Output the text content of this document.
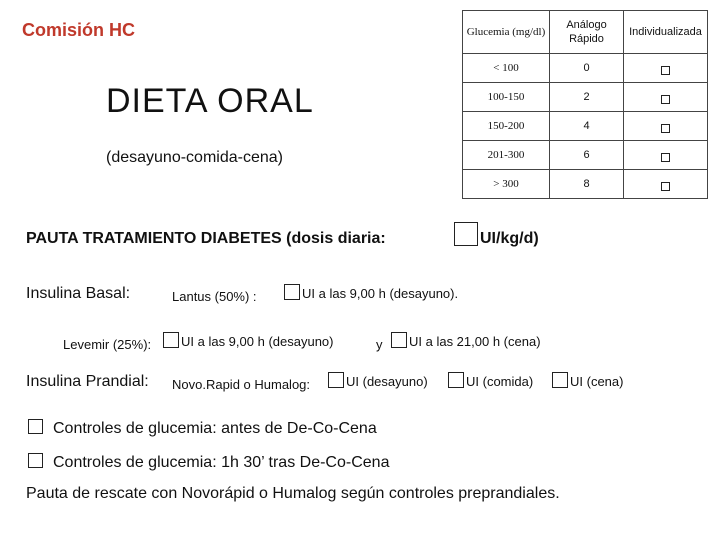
Comisión HC
DIETA ORAL
(desayuno-comida-cena)
Glucemia (mg/dl)	Análogo Rápido	Individualizada
< 100	0	
100-150	2	
150-200	4	
201-300	6	
> 300	8	
PAUTA TRATAMIENTO DIABETES (dosis diaria:	UI/kg/d)
Insulina Basal:	Lantus (50%) :	UI a las 9,00 h (desayuno).
Levemir (25%):	UI a las 9,00 h (desayuno)	y	UI a las 21,00 h (cena)
Insulina Prandial: Novo.Rapid o Humalog:	UI (desayuno)	UI (comida)	UI (cena)
Controles de glucemia: antes de De-Co-Cena
Controles de glucemia: 1h 30’ tras De-Co-Cena
Pauta de rescate con Novorápid o Humalog según controles preprandiales.
